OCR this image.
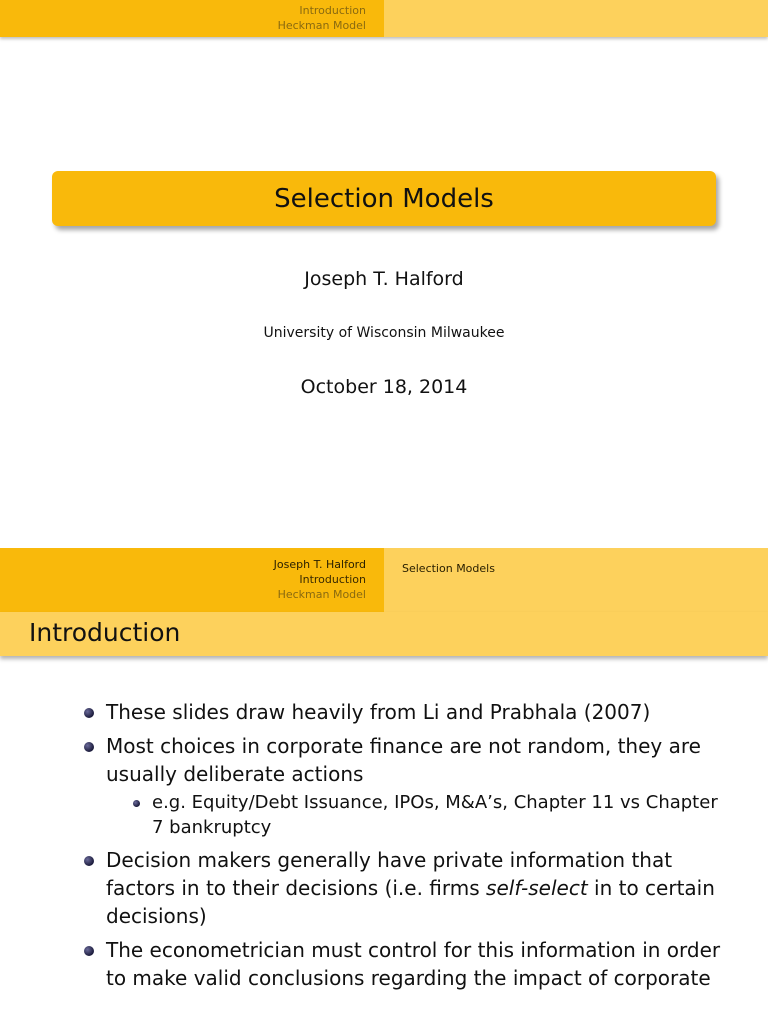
Introduction
Heckman Model
Selection Models
Joseph T. Halford
University of Wisconsin Milwaukee
October 18, 2014
Joseph T. Halford
Introduction
Heckman Model
Selection Models
Introduction
These slides draw heavily from Li and Prabhala (2007)
Most choices in corporate finance are not random, they are usually deliberate actions
e.g. Equity/Debt Issuance, IPOs, M&A’s, Chapter 11 vs Chapter 7 bankruptcy
Decision makers generally have private information that factors in to their decisions (i.e. firms self-select in to certain decisions)
The econometrician must control for this information in order to make valid conclusions regarding the impact of corporate
